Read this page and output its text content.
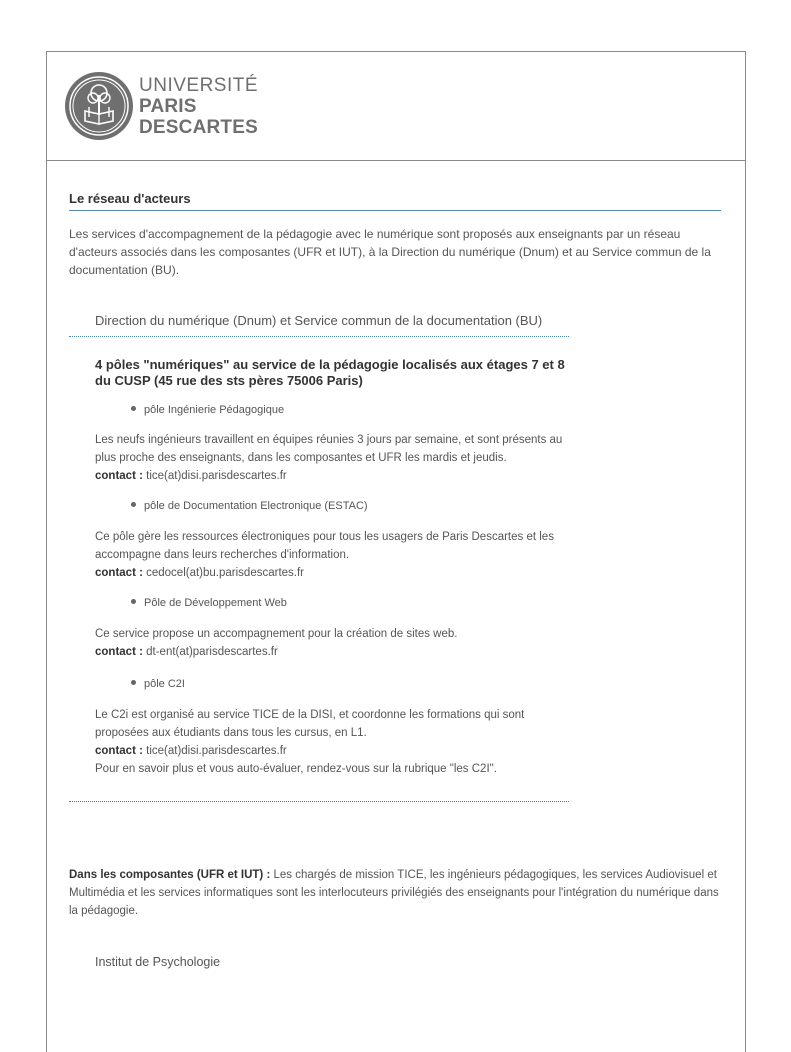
UNIVERSITÉ
PARIS
DESCARTES
Le réseau d'acteurs
Les services d'accompagnement de la pédagogie avec le numérique sont proposés aux enseignants par un réseau d'acteurs associés dans les composantes (UFR et IUT), à la Direction du numérique (Dnum) et au Service commun de la documentation (BU).
Direction du numérique (Dnum) et Service commun de la documentation (BU)
4 pôles "numériques" au service de la pédagogie localisés aux étages 7 et 8 du CUSP (45 rue des sts pères 75006 Paris)
pôle Ingénierie Pédagogique
Les neufs ingénieurs travaillent en équipes réunies 3 jours par semaine, et sont présents au plus proche des enseignants, dans les composantes et UFR les mardis et jeudis.
contact : tice(at)disi.parisdescartes.fr
pôle de Documentation Electronique (ESTAC)
Ce pôle gère les ressources électroniques pour tous les usagers de Paris Descartes et les accompagne dans leurs recherches d'information.
contact : cedocel(at)bu.parisdescartes.fr
Pôle de Développement Web
Ce service propose un accompagnement pour la création de sites web.
contact : dt-ent(at)parisdescartes.fr
pôle C2I
Le C2i est organisé au service TICE de la DISI, et coordonne les formations qui sont proposées aux étudiants dans tous les cursus, en L1.
contact : tice(at)disi.parisdescartes.fr
Pour en savoir plus et vous auto-évaluer, rendez-vous sur la rubrique "les C2I".
Dans les composantes (UFR et IUT) : Les chargés de mission TICE, les ingénieurs pédagogiques, les services Audiovisuel et Multimédia et les services informatiques sont les interlocuteurs privilégiés des enseignants pour l'intégration du numérique dans la pédagogie.
Institut de Psychologie
